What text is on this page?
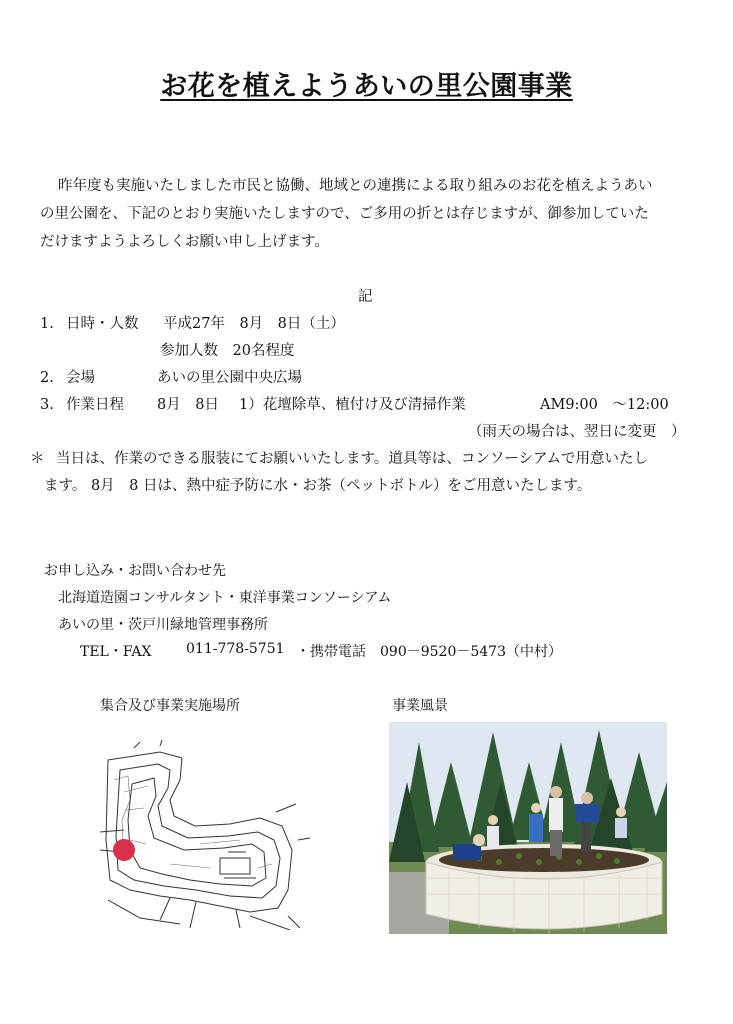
お花を植えようあいの里公園事業
昨年度も実施いたしました市民と協働、地域との連携による取り組みのお花を植えようあい
の里公園を、下記のとおり実施いたしますので、ご多用の折とは存じますが、御参加していた
だけますようよろしくお願い申し上げます。
記
1. 日時・人数 平成27年　8月　8日（土）
参加人数　20名程度
2. 会場	あいの里公園中央広場
3. 作業日程 8月　8日 1）花壇除草、植付け及び清掃作業	AM9:00　～12:00
（雨天の場合は、翌日に変更　）
＊ 当日は、作業のできる服装にてお願いいたします。道具等は、コンソーシアムで用意いたし
ます。 8月　8 日は、熱中症予防に水・お茶（ペットボトル）をご用意いたします。
お申し込み・お問い合わせ先
北海道造園コンサルタント・東洋事業コンソーシアム
あいの里・茨戸川緑地管理事務所
TEL・FAX 011-778-5751 ・携帯電話　090－9520－5473（中村）
集合及び事業実施場所	事業風景
